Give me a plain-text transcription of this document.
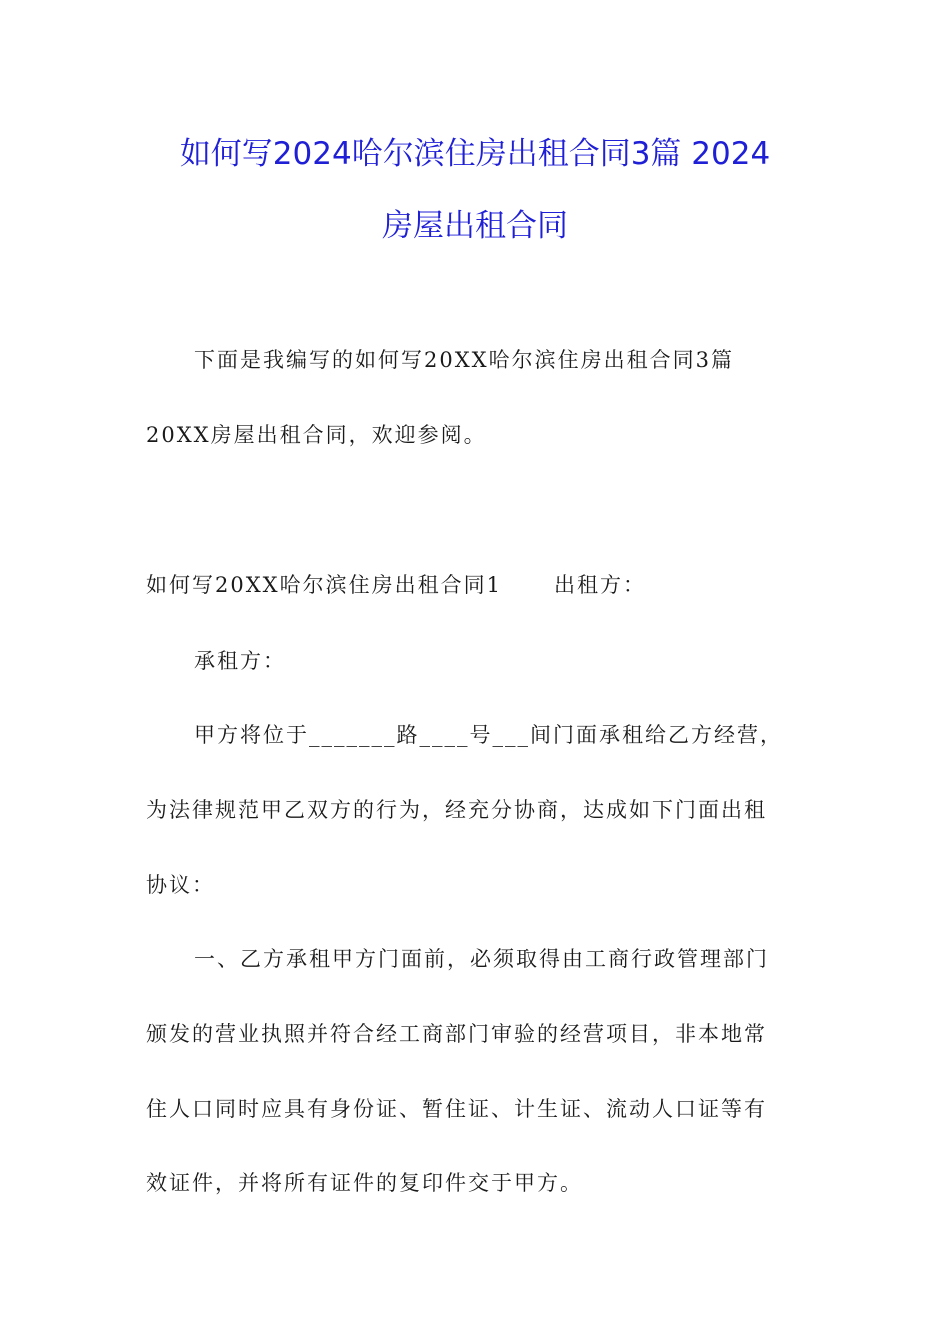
如何写2024哈尔滨住房出租合同3篇 2024
房屋出租合同
下面是我编写的如何写20XX哈尔滨住房出租合同3篇
20XX房屋出租合同，欢迎参阅。
如何写20XX哈尔滨住房出租合同1 出租方：
承租方：
甲方将位于_______路____号___间门面承租给乙方经营，
为法律规范甲乙双方的行为，经充分协商，达成如下门面出租
协议：
一、乙方承租甲方门面前，必须取得由工商行政管理部门
颁发的营业执照并符合经工商部门审验的经营项目，非本地常
住人口同时应具有身份证、暂住证、计生证、流动人口证等有
效证件，并将所有证件的复印件交于甲方。
